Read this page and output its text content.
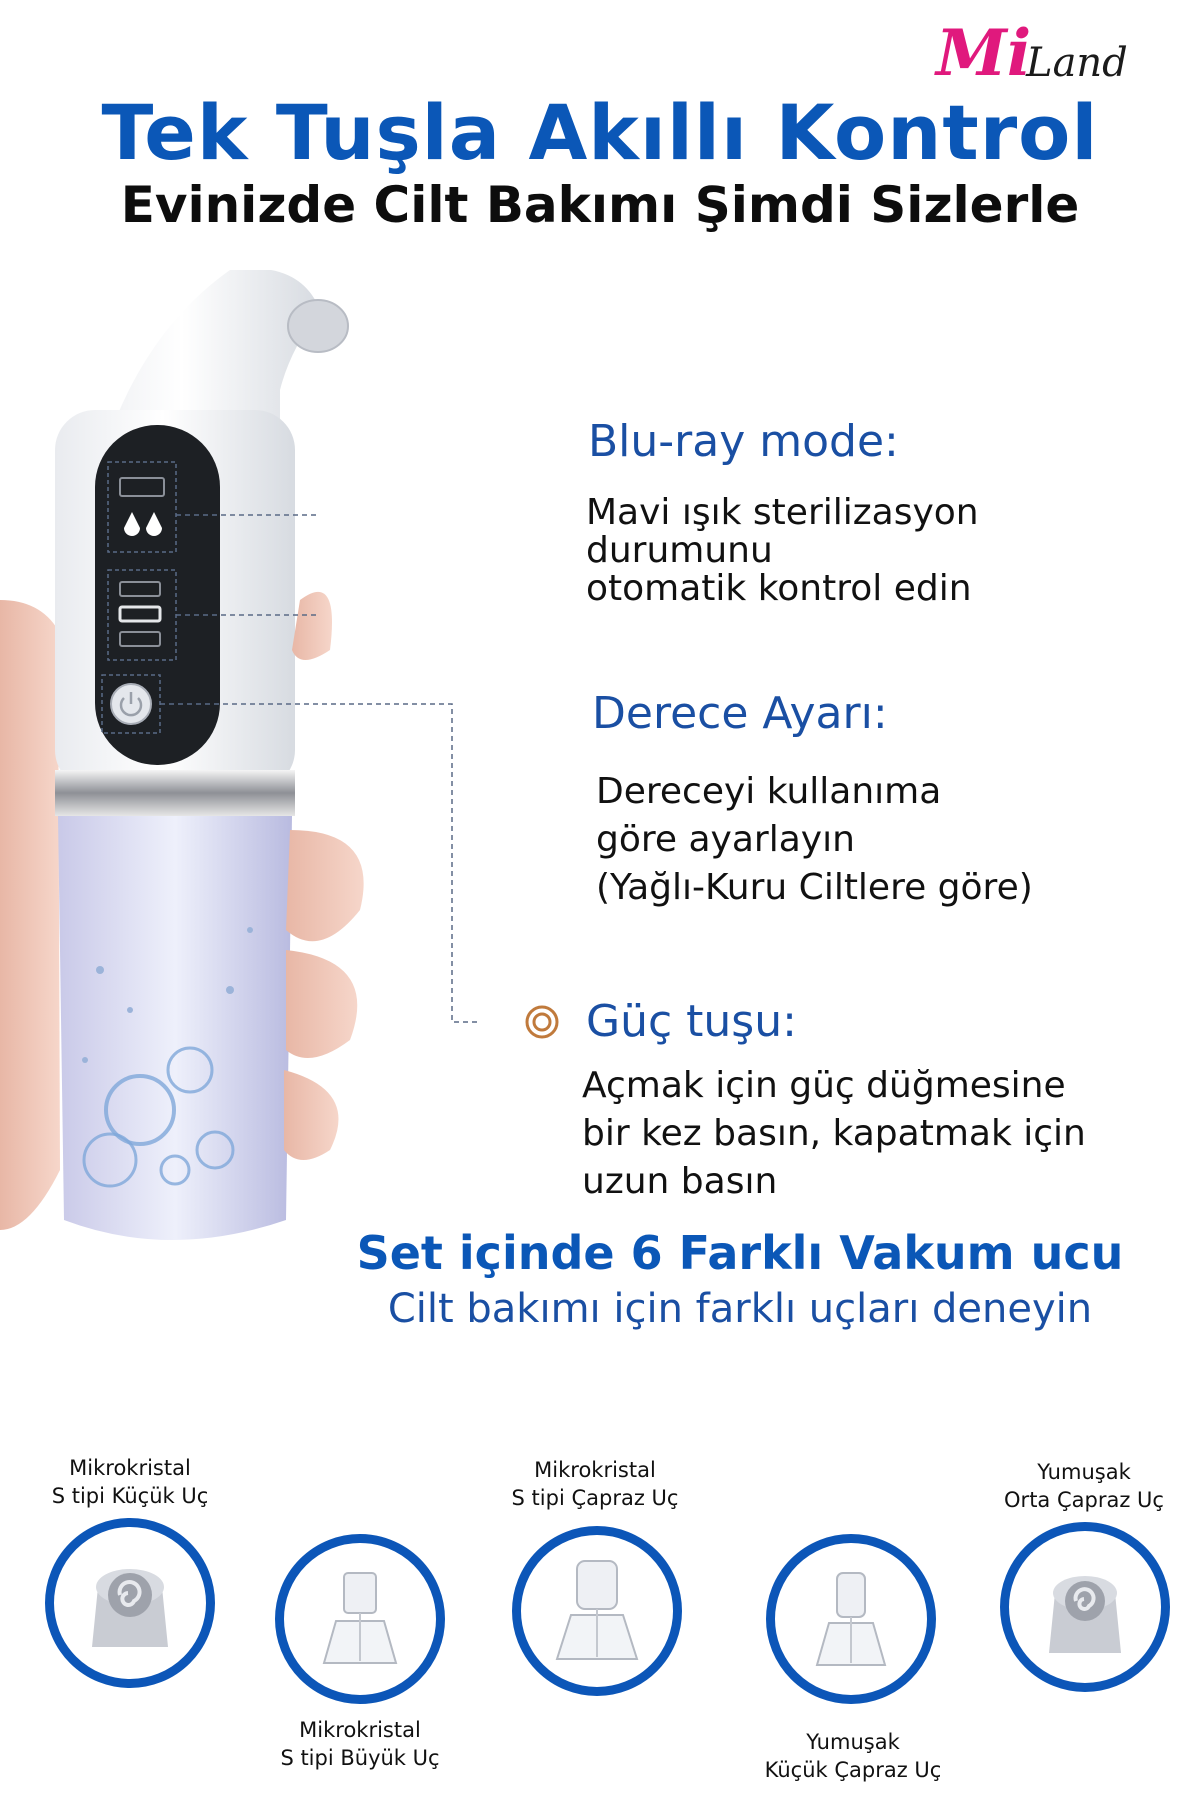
Mi
Land
Tek Tuşla Akıllı Kontrol
Evinizde Cilt Bakımı Şimdi Sizlerle
Blu-ray mode:
Mavi ışık sterilizasyon
durumunu
otomatik kontrol edin
Derece Ayarı:
Dereceyi kullanıma
göre ayarlayın
(Yağlı-Kuru Ciltlere göre)
Güç tuşu:
Açmak için güç düğmesine
bir kez basın, kapatmak için
uzun basın
Set içinde 6 Farklı Vakum ucu
Cilt bakımı için farklı uçları deneyin
Mikrokristal
S tipi Küçük Uç
Mikrokristal
S tipi Büyük Uç
Mikrokristal
S tipi Çapraz Uç
Yumuşak
Küçük Çapraz Uç
Yumuşak
Orta Çapraz Uç
